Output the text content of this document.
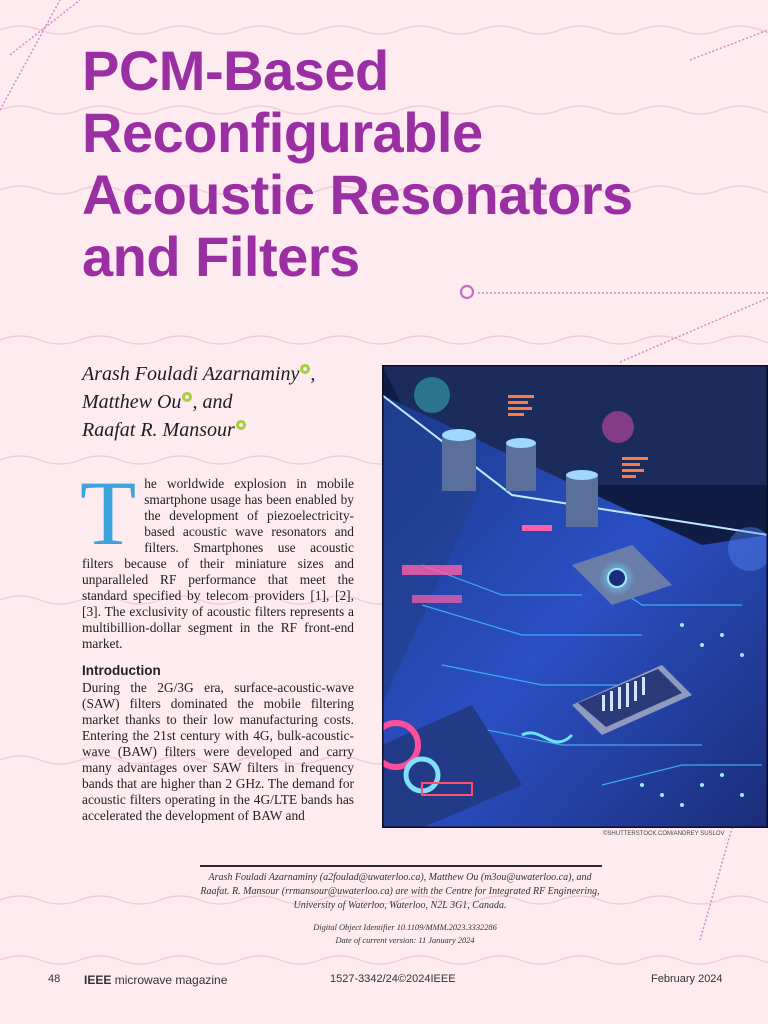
PCM-Based
Reconfigurable
Acoustic Resonators
and Filters
Arash Fouladi Azarnaminy ,
Matthew Ou , and
Raafat R. Mansour

The worldwide explosion in mobile smartphone usage has been enabled by the development of piezoelectricity-based acoustic wave resonators and filters. Smartphones use acoustic filters because of their miniature sizes and unparalleled RF performance that meet the standard specified by telecom providers [1], [2], [3]. The exclusivity of acoustic filters represents a multibillion-dollar segment in the RF front-end market.

Introduction

During the 2G/3G era, surface-acoustic-wave (SAW) filters dominated the mobile filtering market thanks to their low manufacturing costs. Entering the 21st century with 4G, bulk-acoustic-wave (BAW) filters were developed and carry many advantages over SAW filters in frequency bands that are higher than 2 GHz. The demand for acoustic filters operating in the 4G/LTE bands has accelerated the development of BAW and

©SHUTTERSTOCK.COM/ANDREY SUSLOV
Arash Fouladi Azarnaminy (a2foulad@uwaterloo.ca), Matthew Ou (m3ou@uwaterloo.ca), and
Raafat. R. Mansour (rrmansour@uwaterloo.ca) are with the Centre for Integrated RF Engineering,
University of Waterloo, Waterloo, N2L 3G1, Canada.
Digital Object Identifier 10.1109/MMM.2023.3332286
Date of current version: 11 January 2024
48 IEEE microwave magazine	1527-3342/24©2024IEEE	February 2024
